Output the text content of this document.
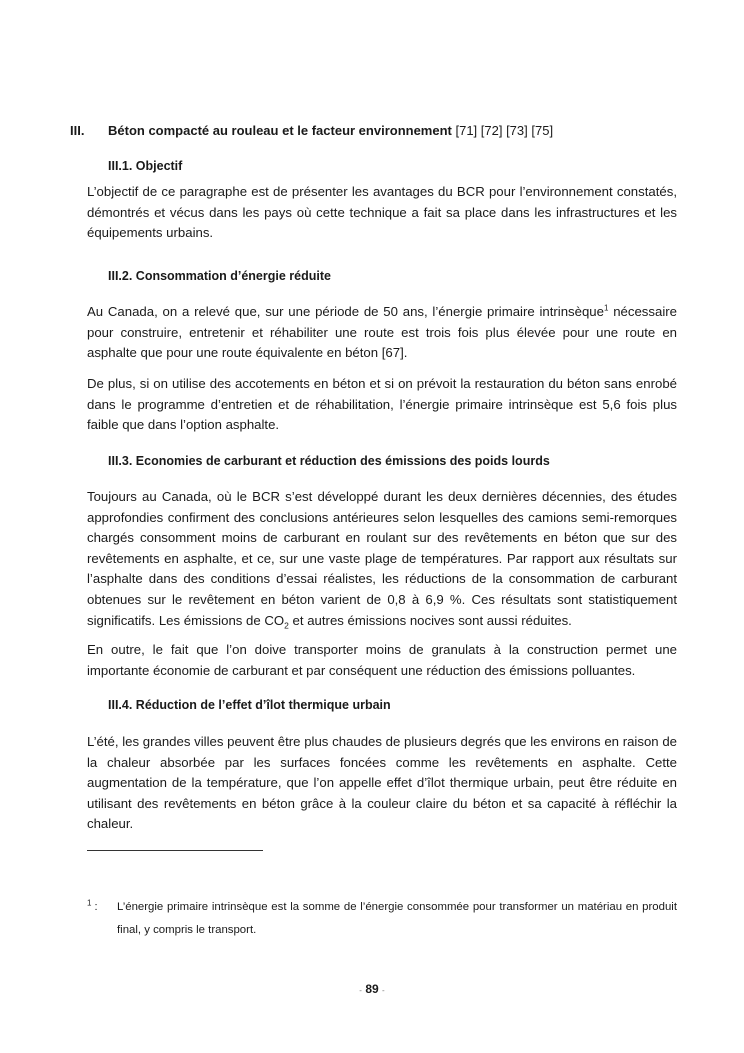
III. Béton compacté au rouleau et le facteur environnement [71] [72] [73] [75]
III.1. Objectif

L’objectif de ce paragraphe est de présenter les avantages du BCR pour l’environnement constatés, démontrés et vécus dans les pays où cette technique a fait sa place dans les infrastructures et les équipements urbains.

III.2. Consommation d’énergie réduite

Au Canada, on a relevé que, sur une période de 50 ans, l’énergie primaire intrinsèque$^1$ nécessaire pour construire, entretenir et réhabiliter une route est trois fois plus élevée pour une route en asphalte que pour une route équivalente en béton [67].

De plus, si on utilise des accotements en béton et si on prévoit la restauration du béton sans enrobé dans le programme d’entretien et de réhabilitation, l’énergie primaire intrinsèque est 5,6 fois plus faible que dans l’option asphalte.

III.3. Economies de carburant et réduction des émissions des poids lourds

Toujours au Canada, où le BCR s’est développé durant les deux dernières décennies, des études approfondies confirment des conclusions antérieures selon lesquelles des camions semi-remorques chargés consomment moins de carburant en roulant sur des revêtements en béton que sur des revêtements en asphalte, et ce, sur une vaste plage de températures. Par rapport aux résultats sur l’asphalte dans des conditions d’essai réalistes, les réductions de la consommation de carburant obtenues sur le revêtement en béton varient de 0,8 à 6,9 %. Ces résultats sont statistiquement significatifs. Les émissions de $CO_2$ et autres émissions nocives sont aussi réduites.

En outre, le fait que l’on doive transporter moins de granulats à la construction permet une importante économie de carburant et par conséquent une réduction des émissions polluantes.

III.4. Réduction de l’effet d’îlot thermique urbain

L’été, les grandes villes peuvent être plus chaudes de plusieurs degrés que les environs en raison de la chaleur absorbée par les surfaces foncées comme les revêtements en asphalte. Cette augmentation de la température, que l’on appelle effet d’îlot thermique urbain, peut être réduite en utilisant des revêtements en béton grâce à la couleur claire du béton et sa capacité à réfléchir la chaleur.

$^1$ :	L’énergie primaire intrinsèque est la somme de l’énergie consommée pour transformer un matériau en produit final, y compris le transport.
- 89 -
